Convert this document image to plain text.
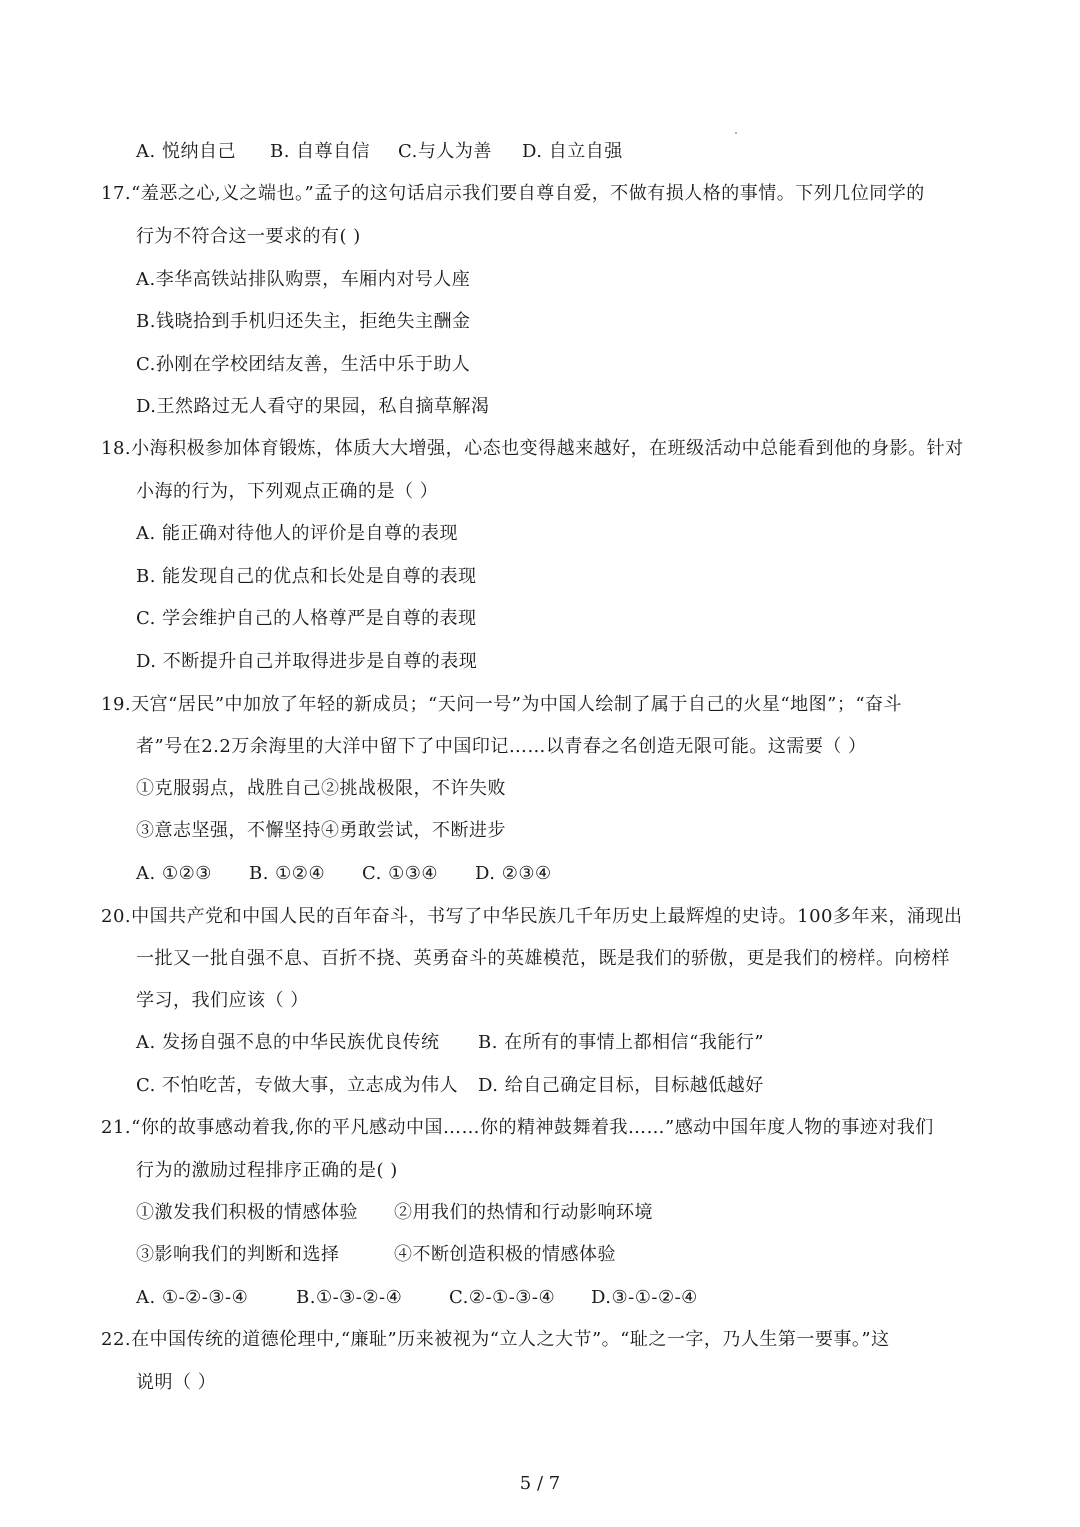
A. 悦纳自己 B. 自尊自信 C.与人为善 D. 自立自强
17.“羞恶之心,义之端也。”孟子的这句话启示我们要自尊自爱，不做有损人格的事情。下列几位同学的
行为不符合这一要求的有( )
A.李华高铁站排队购票，车厢内对号人座
B.钱晓拾到手机归还失主，拒绝失主酬金
C.孙刚在学校团结友善，生活中乐于助人
D.王然路过无人看守的果园，私自摘草解渴
18.小海积极参加体育锻炼，体质大大增强，心态也变得越来越好，在班级活动中总能看到他的身影。针对
小海的行为，下列观点正确的是（ ）
A. 能正确对待他人的评价是自尊的表现
B. 能发现自己的优点和长处是自尊的表现
C. 学会维护自己的人格尊严是自尊的表现
D. 不断提升自己并取得进步是自尊的表现
19.天宫“居民”中加放了年轻的新成员；“天问一号”为中国人绘制了属于自己的火星“地图”；“奋斗
者”号在2.2万余海里的大洋中留下了中国印记……以青春之名创造无限可能。这需要（ ）
①克服弱点，战胜自己②挑战极限，不许失败
③意志坚强，不懈坚持④勇敢尝试，不断进步
A. ①②③ B. ①②④ C. ①③④ D. ②③④
20.中国共产党和中国人民的百年奋斗，书写了中华民族几千年历史上最辉煌的史诗。100多年来，涌现出
一批又一批自强不息、百折不挠、英勇奋斗的英雄模范，既是我们的骄傲，更是我们的榜样。向榜样
学习，我们应该（ ）
A. 发扬自强不息的中华民族优良传统 B. 在所有的事情上都相信“我能行”
C. 不怕吃苦，专做大事，立志成为伟人 D. 给自己确定目标，目标越低越好
21.“你的故事感动着我,你的平凡感动中国……你的精神鼓舞着我……”感动中国年度人物的事迹对我们
行为的激励过程排序正确的是( )
①激发我们积极的情感体验 ②用我们的热情和行动影响环境
③影响我们的判断和选择	④不断创造积极的情感体验
A. ①-②-③-④	B.①-③-②-④	C.②-①-③-④ D.③-①-②-④
22.在中国传统的道德伦理中,“廉耻”历来被视为“立人之大节”。“耻之一字，乃人生第一要事。”这
说明（ ）
5 / 7
